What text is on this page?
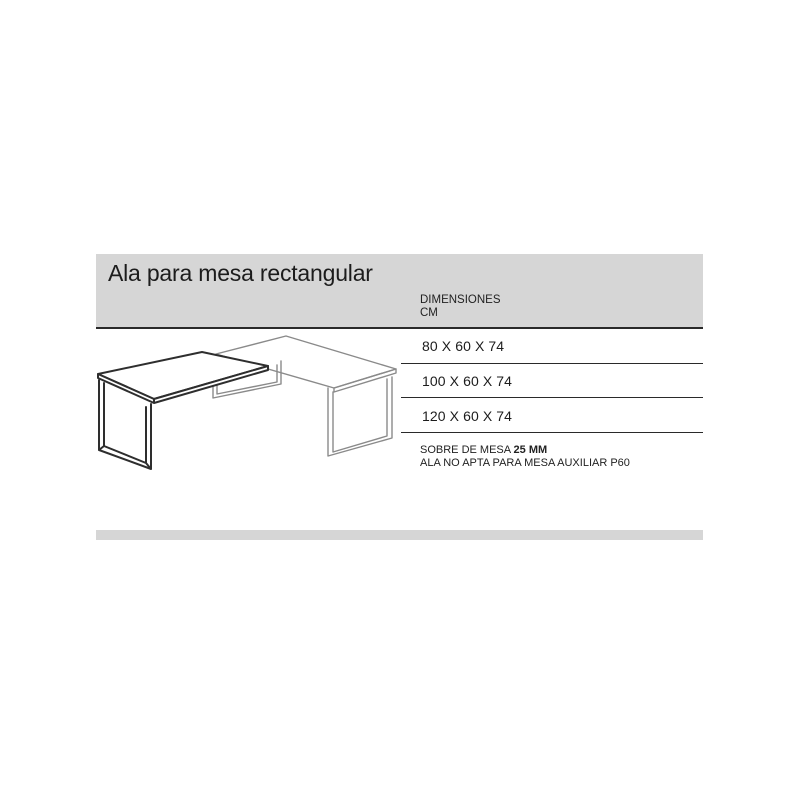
Ala para mesa rectangular
DIMENSIONES
CM
80 X 60 X 74
100 X 60 X 74
120 X 60 X 74
SOBRE DE MESA 25 MM
ALA NO APTA PARA MESA AUXILIAR P60
